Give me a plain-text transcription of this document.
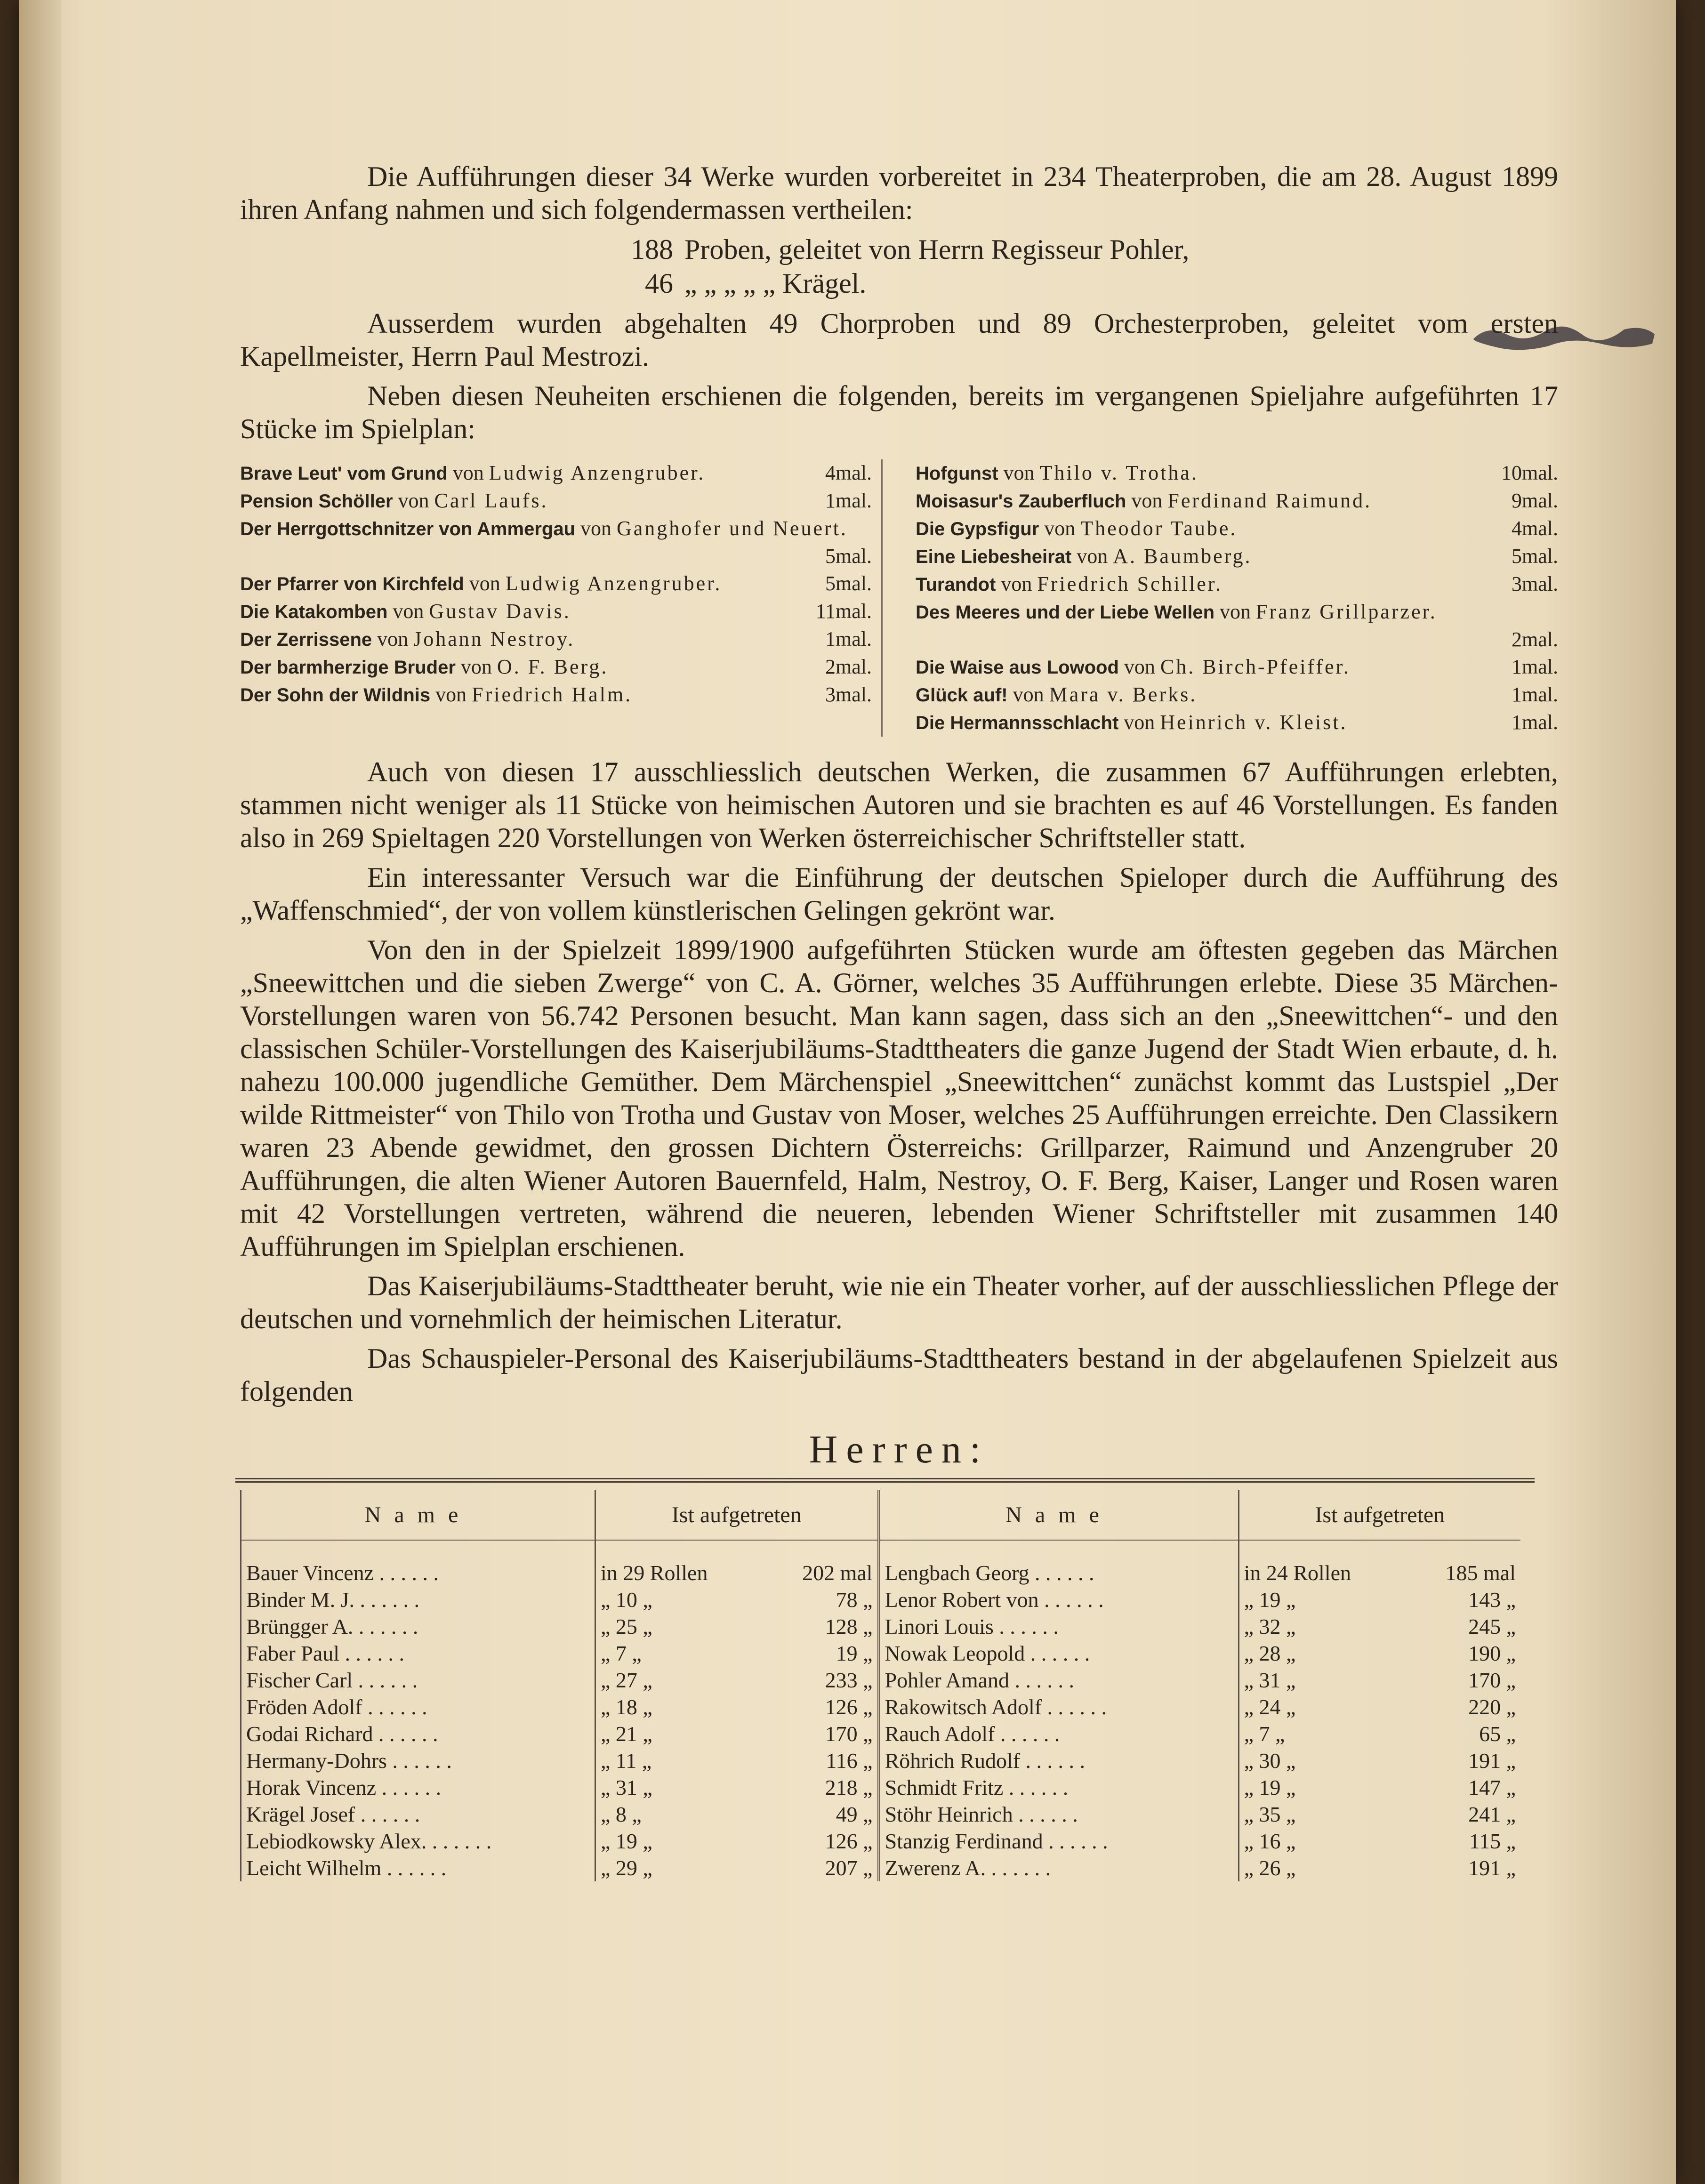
Die Aufführungen dieser 34 Werke wurden vorbereitet in 234 Theaterproben, die am 28. August 1899 ihren Anfang nahmen und sich folgendermassen vertheilen:

188 Proben, geleitet von Herrn Regisseur Pohler,
46 „ „ „ „ „ Krägel.

Ausserdem wurden abgehalten 49 Chorproben und 89 Orchesterproben, geleitet vom ersten Kapellmeister, Herrn Paul Mestrozi.

Neben diesen Neuheiten erschienen die folgenden, bereits im vergangenen Spieljahre aufgeführten 17 Stücke im Spielplan:

Brave Leut' vom Grund von Ludwig Anzengruber.	4mal.
Pension Schöller von Carl Laufs.	1mal.
Der Herrgottschnitzer von Ammergau von Ganghofer und Neuert.
5mal.
Der Pfarrer von Kirchfeld von Ludwig Anzengruber.	5mal.
Die Katakomben von Gustav Davis.	11mal.
Der Zerrissene von Johann Nestroy.	1mal.
Der barmherzige Bruder von O. F. Berg.	2mal.
Der Sohn der Wildnis von Friedrich Halm.	3mal.
Hofgunst von Thilo v. Trotha.	10mal.
Moisasur's Zauberfluch von Ferdinand Raimund.	9mal.
Die Gypsfigur von Theodor Taube.	4mal.
Eine Liebesheirat von A. Baumberg.	5mal.
Turandot von Friedrich Schiller.	3mal.
Des Meeres und der Liebe Wellen von Franz Grillparzer.
2mal.
Die Waise aus Lowood von Ch. Birch-Pfeiffer.	1mal.
Glück auf! von Mara v. Berks.	1mal.
Die Hermannsschlacht von Heinrich v. Kleist.	1mal.

Auch von diesen 17 ausschliesslich deutschen Werken, die zusammen 67 Aufführungen erlebten, stammen nicht weniger als 11 Stücke von heimischen Autoren und sie brachten es auf 46 Vorstellungen. Es fanden also in 269 Spieltagen 220 Vorstellungen von Werken österreichischer Schriftsteller statt.

Ein interessanter Versuch war die Einführung der deutschen Spieloper durch die Aufführung des „Waffenschmied“, der von vollem künstlerischen Gelingen gekrönt war.

Von den in der Spielzeit 1899/1900 aufgeführten Stücken wurde am öftesten gegeben das Märchen „Sneewittchen und die sieben Zwerge“ von C. A. Görner, welches 35 Aufführungen erlebte. Diese 35 Märchen-Vorstellungen waren von 56.742 Personen besucht. Man kann sagen, dass sich an den „Sneewittchen“- und den classischen Schüler-Vorstellungen des Kaiserjubiläums-Stadttheaters die ganze Jugend der Stadt Wien erbaute, d. h. nahezu 100.000 jugendliche Gemüther. Dem Märchenspiel „Sneewittchen“ zunächst kommt das Lustspiel „Der wilde Rittmeister“ von Thilo von Trotha und Gustav von Moser, welches 25 Aufführungen erreichte. Den Classikern waren 23 Abende gewidmet, den grossen Dichtern Österreichs: Grillparzer, Raimund und Anzengruber 20 Aufführungen, die alten Wiener Autoren Bauernfeld, Halm, Nestroy, O. F. Berg, Kaiser, Langer und Rosen waren mit 42 Vorstellungen vertreten, während die neueren, lebenden Wiener Schriftsteller mit zusammen 140 Aufführungen im Spielplan erschienen.

Das Kaiserjubiläums-Stadttheater beruht, wie nie ein Theater vorher, auf der ausschliesslichen Pflege der deutschen und vornehmlich der heimischen Literatur.

Das Schauspieler-Personal des Kaiserjubiläums-Stadttheaters bestand in der abgelaufenen Spielzeit aus folgenden

Herren:
Name	Ist aufgetreten		Name	Ist aufgetreten	

Bauer Vincenz . . . . . .	in 29 Rollen	202 mal	Lengbach Georg . . . . . .	in 24 Rollen	185 mal
Binder M. J. . . . . . .	„ 10 „	78 „	Lenor Robert von . . . . . .	„ 19 „	143 „
Brüngger A. . . . . . .	„ 25 „	128 „	Linori Louis . . . . . .	„ 32 „	245 „
Faber Paul . . . . . .	„ 7 „	19 „	Nowak Leopold . . . . . .	„ 28 „	190 „
Fischer Carl . . . . . .	„ 27 „	233 „	Pohler Amand . . . . . .	„ 31 „	170 „
Fröden Adolf . . . . . .	„ 18 „	126 „	Rakowitsch Adolf . . . . . .	„ 24 „	220 „
Godai Richard . . . . . .	„ 21 „	170 „	Rauch Adolf . . . . . .	„ 7 „	65 „
Hermany-Dohrs . . . . . .	„ 11 „	116 „	Röhrich Rudolf . . . . . .	„ 30 „	191 „
Horak Vincenz . . . . . .	„ 31 „	218 „	Schmidt Fritz . . . . . .	„ 19 „	147 „
Krägel Josef . . . . . .	„ 8 „	49 „	Stöhr Heinrich . . . . . .	„ 35 „	241 „
Lebiodkowsky Alex. . . . . . .	„ 19 „	126 „	Stanzig Ferdinand . . . . . .	„ 16 „	115 „
Leicht Wilhelm . . . . . .	„ 29 „	207 „	Zwerenz A. . . . . . .	„ 26 „	191 „
